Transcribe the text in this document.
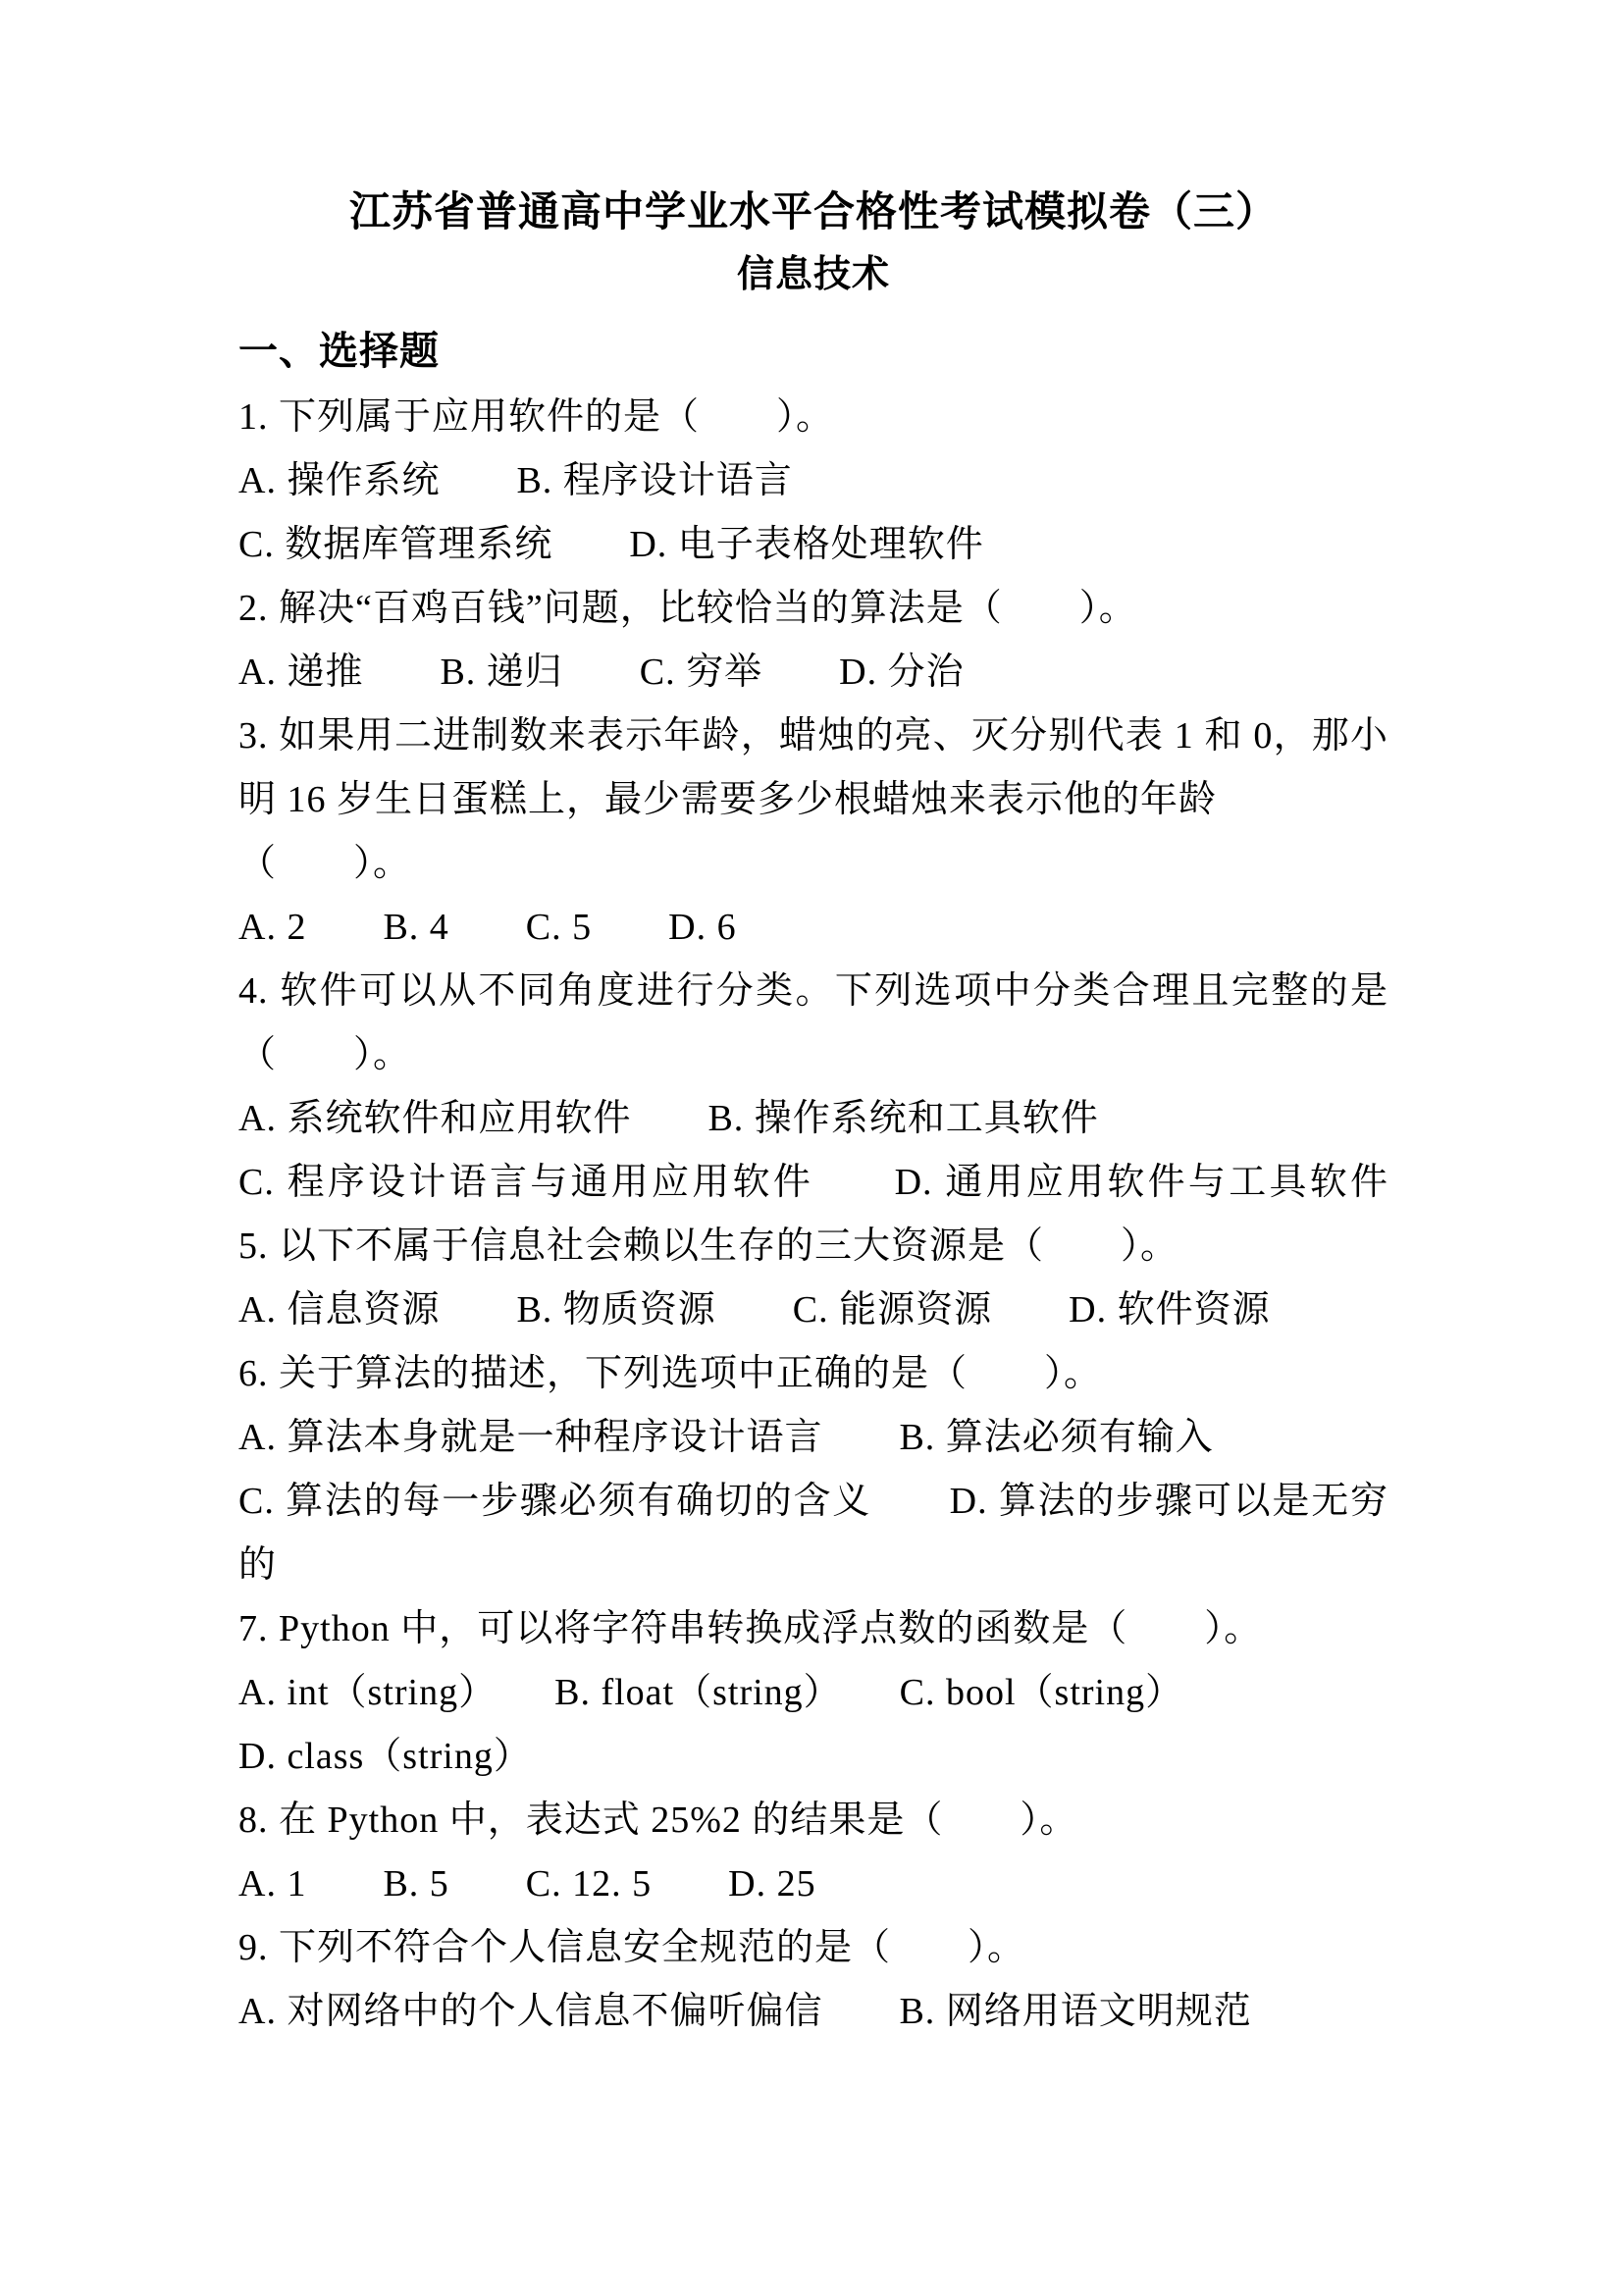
江苏省普通高中学业水平合格性考试模拟卷（三）
信息技术
一、选择题
1. 下列属于应用软件的是（　　）。
A. 操作系统　　B. 程序设计语言
C. 数据库管理系统　　D. 电子表格处理软件
2. 解决“百鸡百钱”问题，比较恰当的算法是（　　）。
A. 递推　　B. 递归　　C. 穷举　　D. 分治
3. 如果用二进制数来表示年龄，蜡烛的亮、灭分别代表 1 和 0，那小
明 16 岁生日蛋糕上，最少需要多少根蜡烛来表示他的年龄（　　）。
A. 2　　B. 4　　C. 5　　D. 6
4. 软件可以从不同角度进行分类。下列选项中分类合理且完整的是
（　　）。
A. 系统软件和应用软件　　B. 操作系统和工具软件
C. 程序设计语言与通用应用软件　　D. 通用应用软件与工具软件
5. 以下不属于信息社会赖以生存的三大资源是（　　）。
A. 信息资源　　B. 物质资源　　C. 能源资源　　D. 软件资源
6. 关于算法的描述，下列选项中正确的是（　　）。
A. 算法本身就是一种程序设计语言　　B. 算法必须有输入
C. 算法的每一步骤必须有确切的含义　　D. 算法的步骤可以是无穷
的
7. Python 中，可以将字符串转换成浮点数的函数是（　　）。
A. int（string）　　B. float（string）　　C. bool（string）
D. class（string）
8. 在 Python 中，表达式 25%2 的结果是（　　）。
A. 1　　B. 5　　C. 12. 5　　D. 25
9. 下列不符合个人信息安全规范的是（　　）。
A. 对网络中的个人信息不偏听偏信　　B. 网络用语文明规范
